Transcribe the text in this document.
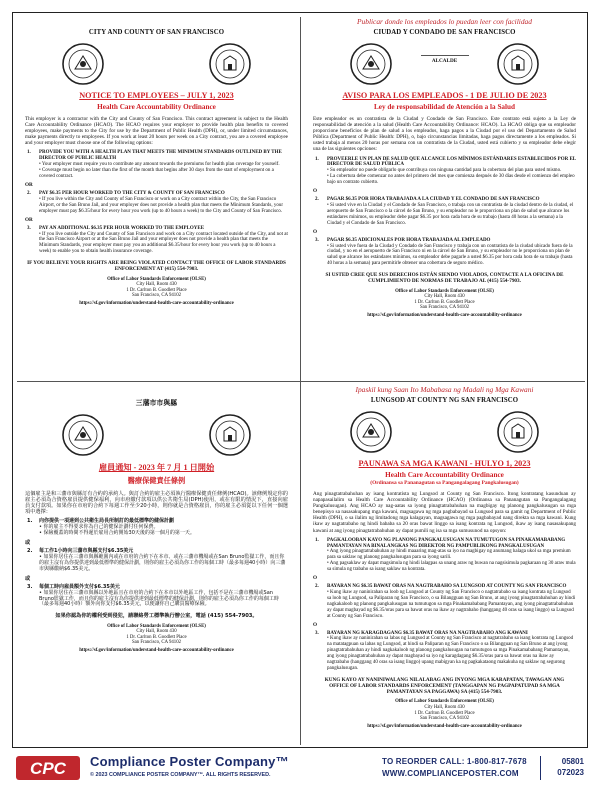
CITY AND COUNTY OF SAN FRANCISCO
NOTICE TO EMPLOYEES – JULY 1, 2023
Health Care Accountability Ordinance
This employer is a contractor with the City and County of San Francisco. This contract agreement is subject to the Health Care Accountability Ordinance (HCAO). The HCAO requires your employer to provide health plan benefits to covered employees, make payments to the City for use by the Department of Public Health (DPH), or, under limited circumstances, make payments directly to employees. If you work at least 20 hours per week on a City contract, you are a covered employee and your employer must choose one of the following options:
1.	PROVIDE YOU WITH A HEALTH PLAN THAT MEETS THE MINIMUM STANDARDS OUTLINED BY THE DIRECTOR OF PUBLIC HEALTH
• Your employer must require you to contribute any amount towards the premiums for health plan coverage for yourself.
• Coverage must begin no later than the first of the month that begins after 30 days from the start of employment on a covered contract.
OR
2.	PAY $6.35 PER HOUR WORKED TO THE CITY & COUNTY OF SAN FRANCISCO
• If you live within the City and County of San Francisco or work on a City contract within the City, the San Francisco Airport, or the San Bruno Jail, and your employer does not provide a health plan that meets the Minimum Standards, your employer must pay $6.35/hour for every hour you work (up to 40 hours a week) to the City and County of San Francisco.
OR
3.	PAY AN ADDITIONAL $6.35 PER HOUR WORKED TO THE EMPLOYEE
• If you live outside the City and County of San Francisco and work on a City contract located outside of the City, and not at the San Francisco Airport or at the San Bruno Jail and your employer does not provide a health plan that meets the Minimum Standards, your employer must pay you an additional $6.35/hour for every hour you work (up to 40 hours a week) to enable you to obtain health insurance coverage.
IF YOU BELIEVE YOUR RIGHTS ARE BEING VIOLATED CONTACT THE OFFICE OF LABOR STANDARDS ENFORCEMENT AT (415) 554-7903.
Office of Labor Standards Enforcement (OLSE)
City Hall, Room 430
1 Dr. Carlton B. Goodlett Place
San Francisco, CA 94102
https://sf.gov/information/understand-health-care-accountability-ordinance
Publicar donde los empleados lo puedan leer con facilidad
CIUDAD Y CONDADO DE SAN FRANCISCO
ALCALDE
AVISO PARA LOS EMPLEADOS - 1 DE JULIO DE 2023
Ley de responsabilidad de Atención a la Salud
Este empleador es un contratista de la Ciudad y Condado de San Francisco. Este contrato está sujeto a la Ley de responsabilidad de atención a la salud (Health Care Accountability Ordinance: HCAO). La HCAO obliga que su empleador proporcione beneficios de plan de salud a los empleados, haga pagos a la Ciudad por el uso del Departamento de Salud Pública (Department of Public Health: DPH), o, bajo circunstancias limitadas, haga pagos directamente a los empleados. Si usted trabaja al menos 20 horas por semana con un contratista de la Ciudad, usted está cubierto y su empleador debe elegir una de las siguientes opciones:
1.	PROVEERLE UN PLAN DE SALUD QUE ALCANCE LOS MÍNIMOS ESTÁNDARES ESTABLECIDOS POR EL DIRECTOR DE SALUD PÚBLICA
• Su empleador no puede obligarlo que contribuya con ninguna cantidad para la cobertura del plan para usted mismo.
• La cobertura debe comenzar no antes del primero del mes que comienza después de 30 días desde el comienzo del empleo bajo un contrato cubierto.
O
2.	PAGAR $6.35 POR HORA TRABAJADA A LA CIUDAD Y EL CONDADO DE SAN FRANCISCO
• Si usted vive en la Ciudad y el Condado de San Francisco, o trabaja con un contratista de la ciudad dentro de la ciudad, el aeropuerto de San Francisco o la cárcel de San Bruno, y su empleador no le proporciona un plan de salud que alcance los estándares mínimos, su empleador debe pagar $6.35 por hora cada hora de su trabajo (hasta 40 horas a la semana) a la Ciudad y el Condado de San Francisco.
O
3.	PAGAR $6.35 ADICIONALES POR HORA TRABAJADA AL EMPLEADO
• Si usted vive fuera de la Ciudad y Condado de San Francisco y trabaja con un contratista de la ciudad ubicado fuera de la ciudad, y no en el aeropuerto de San Francisco ni en la cárcel de San Bruno, y su empleador no le proporciona un plan de salud que alcance los estándares mínimos, su empleador debe pagarle a usted $6.35 por hora cada hora de su trabajo (hasta 40 horas a la semana) para permitirle obtener una cobertura de seguro médico.
SI USTED CREE QUE SUS DERECHOS ESTÁN SIENDO VIOLADOS, CONTACTE A LA OFICINA DE CUMPLIMIENTO DE NORMAS DE TRABAJO AL (415) 554-7903.
Office of Labor Standards Enforcement (OLSE)
City Hall, Room 430
1 Dr. Carlton B. Goodlett Place
San Francisco, CA 94102
https://sf.gov/information/understand-health-care-accountability-ordinance
三藩市市與縣
雇員通知 - 2023 年 7 月 1 日開始
醫療保健責任條例
這個雇主是和三藩市與縣訂有合約的承約人。與訂合約的雇主必須執行醫療保健責任條例(HCAO)。該條例規定你的雇主必須為合資格雇員提供健保福利，向市府繳付款項以供公共衛生局(DPH)使用，或在有限的情況下，直接向雇員支付款項。如果你在市府的合約下每週工作至少20小時，則你就是合資格雇員，你的雇主必須從以下任何一個選項中選擇：
1.	向你提供一項達到公共衛生局長所制訂的最低標準的健保計劃
• 你的雇主不得要求你為自己的健保計劃付任何保費。
• 保險覆蓋的時間不得遲於雇用合約開始30天後的第一個月的第一天。
或
2.	每工作1小時向三藩市與縣支付$6.35美元
• 如果你居住在三藩市與縣範圍內或在市府的合約下在本市、或在三藩市機場或在San Bruno監獄工作，而且你的雇主沒有為你提供達到最低標準的健保計劃，則你的雇主必須為你工作的每個工時（最多每週40小時）向三藩市與縣繳納$6.35美元。
或
3.	每個工時向雇員額外支付$6.35美元
• 如果你居住在三藩市與縣以外地區且在市府的合約下在本市以外地區工作，包括不是在三藩市機場或San Bruno監獄工作，而且你的雇主沒有為你提供達到最低標準的健保計劃，則你的雇主必須為你工作的每個工時（最多每週40小時）額外向你支付$6.35美元，以便讓你自己購買醫療保險。
如果你認為你的權利受到侵犯，請聯絡勞工標準執行辦公室，電話 (415) 554-7903。
Office of Labor Standards Enforcement (OLSE)
City Hall, Room 430
1 Dr. Carlton B. Goodlett Place
San Francisco, CA 94102
https://sf.gov/information/understand-health-care-accountability-ordinance
Ipaskil kung Saan Ito Mababasa ng Madali ng Mga Kawani
LUNGSOD AT COUNTY NG SAN FRANCISCO
PAUNAWA SA MGA KAWANI - HULYO 1, 2023
Health Care Accountability Ordinance
(Ordinansa sa Pananagutan sa Pangangalagang Pangkalusugan)
Ang pinagtatrabahuhan ay isang kontratista ng Lungsod at County ng San Francisco. Itong kontratang kasunduan ay napapasailalim sa Health Care Accountability Ordinance (HCAO) (Ordinansa sa Pananagutan sa Pangangalagang Pangkalusugan). Ang HCAO ay nag-aatas sa iyong pinagtatrabahuhan na magbigay ng planong pangkalusugan sa mga benepisyo sa nasasakupang mga kawani, magsagawa ng mga pagbabayad sa Lungsod para sa gamit ng Department of Public Health (DPH), o sa ilalim ng limitadong mga kalagayan, magsagawa ng mga pagbabayad nang direkta sa mga kawani. Kung ikaw ay nagtatrabaho ng hindi bababa sa 20 oras bawat linggo sa isang kontrata ng Lungsod, ikaw ay isang nasasakupang kawani at ang iyong pinagtatrabahuhan ay dapat pumili ng isa sa mga sumusunod na opsyon:
1.	PAGKALOOBAN KAYO NG PLANONG PANGKALUSUGAN NA TUMUTUGON SA PINAKAMABABANG PAMANTAYAN NA BINALANGKAS NG DIREKTOR NG PAMPUBLIKONG PANGKALUSUGAN
• Ang iyong pinagtatrabahuhan ay hindi maaaring mag-atas sa iyo na magbigay ng anumang halaga ukol sa mga premium para sa saklaw ng planong pangkalusugan para sa iyong sarili.
• Ang pagsaklaw ay dapat magsimula ng hindi lalagpas sa unang araw ng buwan na nagsisimula pagkaraan ng 30 araw mula sa simula ng trabaho sa isang saklaw na kontrata.
O
2.	BAYARAN NG $6.35 BAWAT ORAS NA NAGTRABAHO SA LUNGSOD AT COUNTY NG SAN FRANCISCO
• Kung ikaw ay naninirahan sa loob ng Lungsod at County ng San Francisco o nagtatrabaho sa isang kontrata ng Lungsod sa loob ng Lungsod, sa Paliparan ng San Francisco, o sa Bilangguan ng San Bruno, at ang iyong pinagtatrabahuhan ay hindi nagkakaloob ng planong pangkalusugan na tumutugon sa mga Pinakamababang Pamantayan, ang iyong pinagtatrabahuhan ay dapat magbayad ng $6.35/oras para sa bawat oras na ikaw ay nagtrabaho (hanggang 40 oras sa isang linggo) sa Lungsod at County ng San Francisco.
O
3.	BAYARAN NG KARAGDAGANG $6.35 BAWAT ORAS NA NAGTRABAHO ANG KAWANI
• Kung ikaw ay naninirahan sa labas ng Lungsod at County ng San Francisco at nagtatrabaho sa isang kontrata ng Lungsod na matatagpuan sa labas ng Lungsod, at hindi sa Paliparan ng San Francisco o sa Bilangguan ng San Bruno at ang iyong pinagtatrabahuhan ay hindi nagkakaloob ng planong pangkalusugan na tumutugon sa mga Pinakamababang Pamantayan, ang iyong pinagtatrabahuhan ay dapat magbayad sa iyo ng karagdagang $6.35/oras para sa bawat oras na ikaw ay nagtrabaho (hanggang 40 oras sa isang linggo) upang mabigyan ka ng pagkakataong makakuha ng saklaw ng segurong pangkalusugan.
KUNG KAYO AY NANINIWALANG NILALABAG ANG INYONG MGA KARAPATAN, TAWAGAN ANG OFFICE OF LABOR STANDARDS ENFORCEMENT (TANGGAPAN NG PAGPAPATUPAD SA MGA PAMANTAYAN SA PAGGAWA) SA (415) 554-7903.
Office of Labor Standards Enforcement (OLSE)
City Hall, Room 430
1 Dr. Carlton B. Goodlett Place
San Francisco, CA 94102
https://sf.gov/information/understand-health-care-accountability-ordinance
CPC Compliance Poster Company™
© 2023 COMPLIANCE POSTER COMPANY™. ALL RIGHTS RESERVED.
TO REORDER CALL: 1-800-817-7678
WWW.COMPLIANCEPOSTER.COM
05801
072023
